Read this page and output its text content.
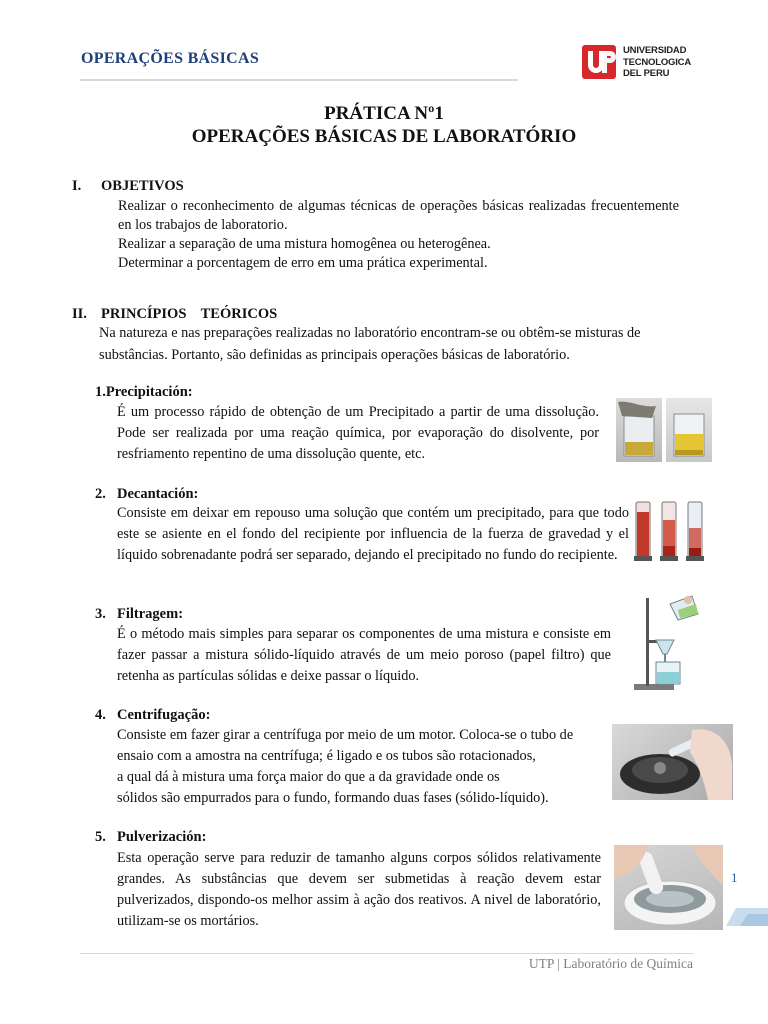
OPERAÇÕES BÁSICAS	UNIVERSIDAD
TECNOLOGICA
DEL PERU
PRÁTICA Nº1
OPERAÇÕES BÁSICAS DE LABORATÓRIO
I. OBJETIVOS
Realizar o reconhecimento de algumas técnicas de operações básicas realizadas frecuentemente en los trabajos de laboratorio.
Realizar a separação de uma mistura homogênea ou heterogênea.
Determinar a porcentagem de erro em uma prática experimental.
II. PRINCÍPIOS    TEÓRICOS
Na natureza e nas preparações realizadas no laboratório encontram-se ou obtêm-se misturas de substâncias. Portanto, são definidas as principais operações básicas de laboratório.
1.Precipitación:
É um processo rápido de obtenção de um Precipitado a partir de uma dissolução. Pode ser realizada por uma reação química, por evaporação do disolvente, por resfriamento repentino de uma dissolução quente, etc.
2. Decantación:
Consiste em deixar em repouso uma solução que contém um precipitado, para que todo este se asiente en el fondo del recipiente por influencia de la fuerza de gravedad y el líquido sobrenadante podrá ser separado, dejando el precipitado no fundo do recipiente.
3. Filtragem:
É o método mais simples para separar os componentes de uma mistura e consiste em fazer passar a mistura sólido-líquido através de um meio poroso (papel filtro) que retenha as partículas sólidas e deixe passar o líquido.
4. Centrifugação:
Consiste em fazer girar a centrífuga por meio de um motor. Coloca-se o tubo de
ensaio com a amostra na centrífuga; é ligado e os tubos são rotacionados,
a qual dá à mistura uma força maior do que a da gravidade onde os
sólidos são empurrados para o fundo, formando duas fases (sólido-líquido).
5. Pulverización:
Esta operação serve para reduzir de tamanho alguns corpos sólidos relativamente grandes. As substâncias que devem ser submetidas à reação devem estar pulverizados, dispondo-os melhor assim à ação dos reativos. A nivel de laboratório, utilizam-se os mortários.
1
UTP | Laboratório de Química
